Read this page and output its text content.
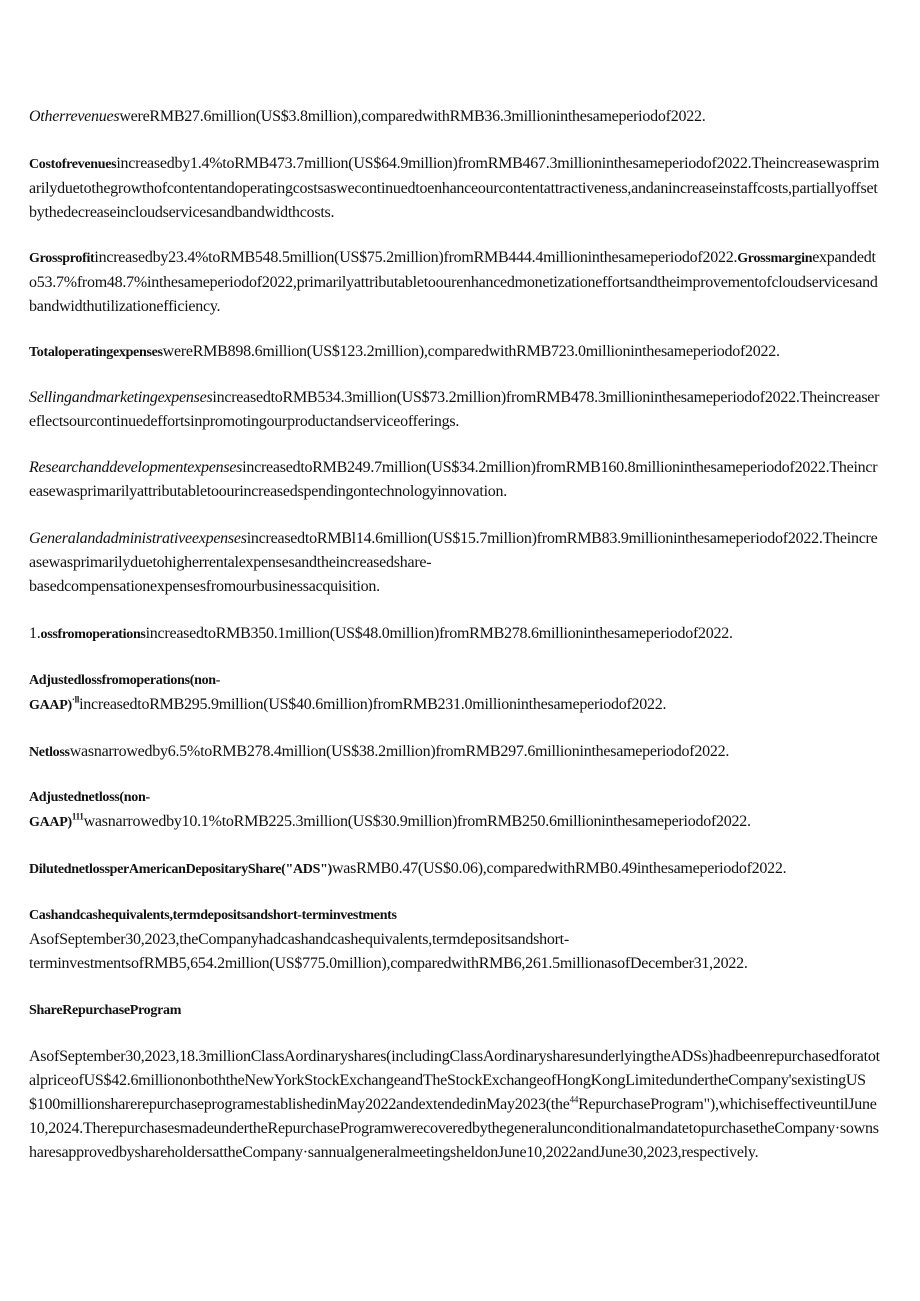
OtherrevenueswereRMB27.6million(US$3.8million),comparedwithRMB36.3millioninthesameperiodof2022.

Costofrevenuesincreasedby1.4%toRMB473.7million(US$64.9million)fromRMB467.3millioninthesameperiodof2022.Theincreasewasprimarilyduetothegrowthofcontentandoperatingcostsaswecontinuedtoenhanceourcontentattractiveness,andanincreaseinstaffcosts,partiallyoffsetbythedecreaseincloudservicesandbandwidthcosts.

Grossprofitincreasedby23.4%toRMB548.5million(US$75.2million)fromRMB444.4millioninthesameperiodof2022.Grossmarginexpandedto53.7%from48.7%inthesameperiodof2022,primarilyattributabletoourenhancedmonetizationeffortsandtheimprovementofcloudservicesandbandwidthutilizationefficiency.

TotaloperatingexpenseswereRMB898.6million(US$123.2million),comparedwithRMB723.0millioninthesameperiodof2022.

SellingandmarketingexpensesincreasedtoRMB534.3million(US$73.2million)fromRMB478.3millioninthesameperiodof2022.Theincreasereflectsourcontinuedeffortsinpromotingourproductandserviceofferings.

ResearchanddevelopmentexpensesincreasedtoRMB249.7million(US$34.2million)fromRMB160.8millioninthesameperiodof2022.Theincreasewasprimarilyattributabletoourincreasedspendingontechnologyinnovation.

GeneralandadministrativeexpensesincreasedtoRMBl14.6million(US$15.7million)fromRMB83.9millioninthesameperiodof2022.Theincreasewasprimarilyduetohigherrentalexpensesandtheincreasedshare-

basedcompensationexpensesfromourbusinessacquisition.

1.ossfromoperationsincreasedtoRMB350.1million(US$48.0million)fromRMB278.6millioninthesameperiodof2022.

Adjustedlossfromoperations(non-

GAAP)$^{\cdot ll}$increasedtoRMB295.9million(US$40.6million)fromRMB231.0millioninthesameperiodof2022.

Netlosswasnarrowedby6.5%toRMB278.4million(US$38.2million)fromRMB297.6millioninthesameperiodof2022.

Adjustednetloss(non-

GAAP)$^{111}$wasnarrowedby10.1%toRMB225.3million(US$30.9million)fromRMB250.6millioninthesameperiodof2022.

DilutednetlossperAmericanDepositaryShare("ADS")wasRMB0.47(US$0.06),comparedwithRMB0.49inthesameperiodof2022.

Cashandcashequivalents,termdepositsandshort-terminvestments

AsofSeptember30,2023,theCompanyhadcashandcashequivalents,termdepositsandshort-

terminvestmentsofRMB5,654.2million(US$775.0million),comparedwithRMB6,261.5millionasofDecember31,2022.

ShareRepurchaseProgram

AsofSeptember30,2023,18.3millionClassAordinaryshares(includingClassAordinarysharesunderlyingtheADSs)hadbeenrepurchasedforatotalpriceofUS$42.6milliononboththeNewYorkStockExchangeandTheStockExchangeofHongKongLimitedundertheCompany'sexistingUS$100millionsharerepurchaseprogramestablishedinMay2022andextendedinMay2023(the$^{44}$RepurchaseProgram"),whichiseffectiveuntilJune10,2024.TherepurchasesmadeundertheRepurchaseProgramwerecoveredbythegeneralunconditionalmandatetopurchasetheCompany·sownsharesapprovedbyshareholdersattheCompany·sannualgeneralmeetingsheldonJune10,2022andJune30,2023,respectively.
